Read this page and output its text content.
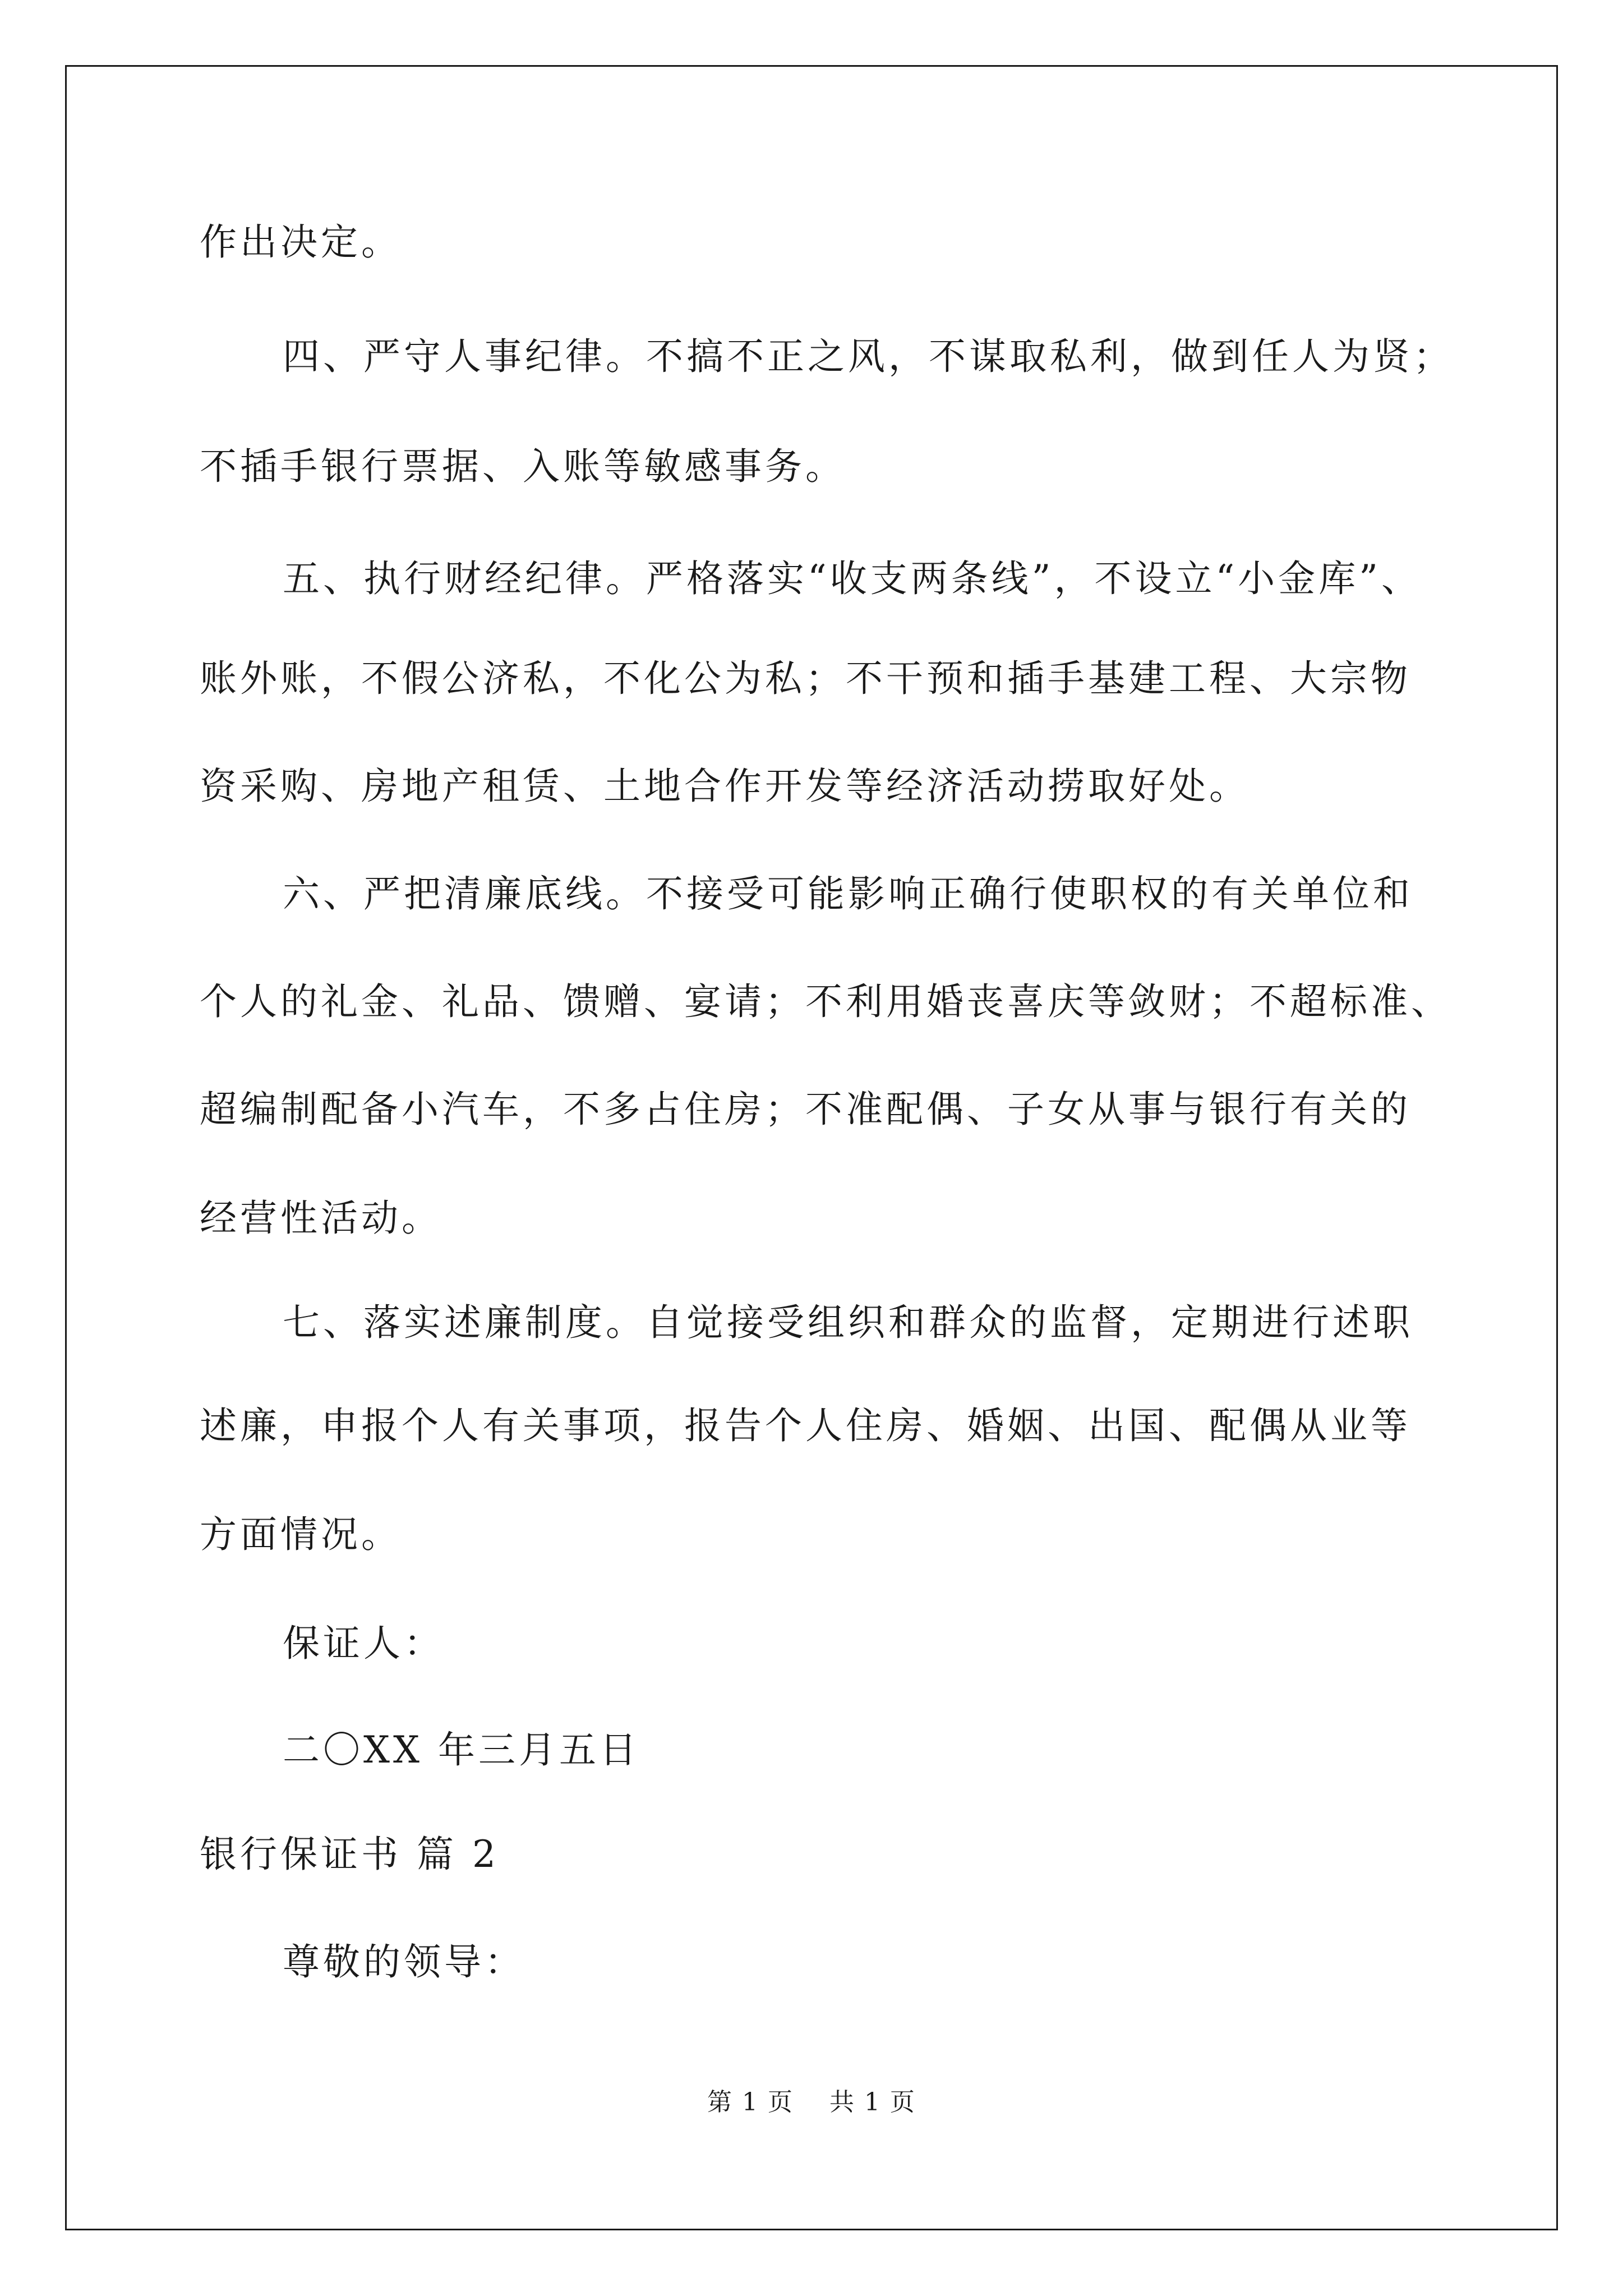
作出决定。
四、严守人事纪律。不搞不正之风，不谋取私利，做到任人为贤；
不插手银行票据、入账等敏感事务。
五、执行财经纪律。严格落实“收支两条线”，不设立“小金库”、
账外账，不假公济私，不化公为私；不干预和插手基建工程、大宗物
资采购、房地产租赁、土地合作开发等经济活动捞取好处。
六、严把清廉底线。不接受可能影响正确行使职权的有关单位和
个人的礼金、礼品、馈赠、宴请；不利用婚丧喜庆等敛财；不超标准、
超编制配备小汽车，不多占住房；不准配偶、子女从事与银行有关的
经营性活动。
七、落实述廉制度。自觉接受组织和群众的监督，定期进行述职
述廉，申报个人有关事项，报告个人住房、婚姻、出国、配偶从业等
方面情况。
保证人：
二〇XX 年三月五日
银行保证书 篇 2
尊敬的领导：
第 1 页    共 1 页
